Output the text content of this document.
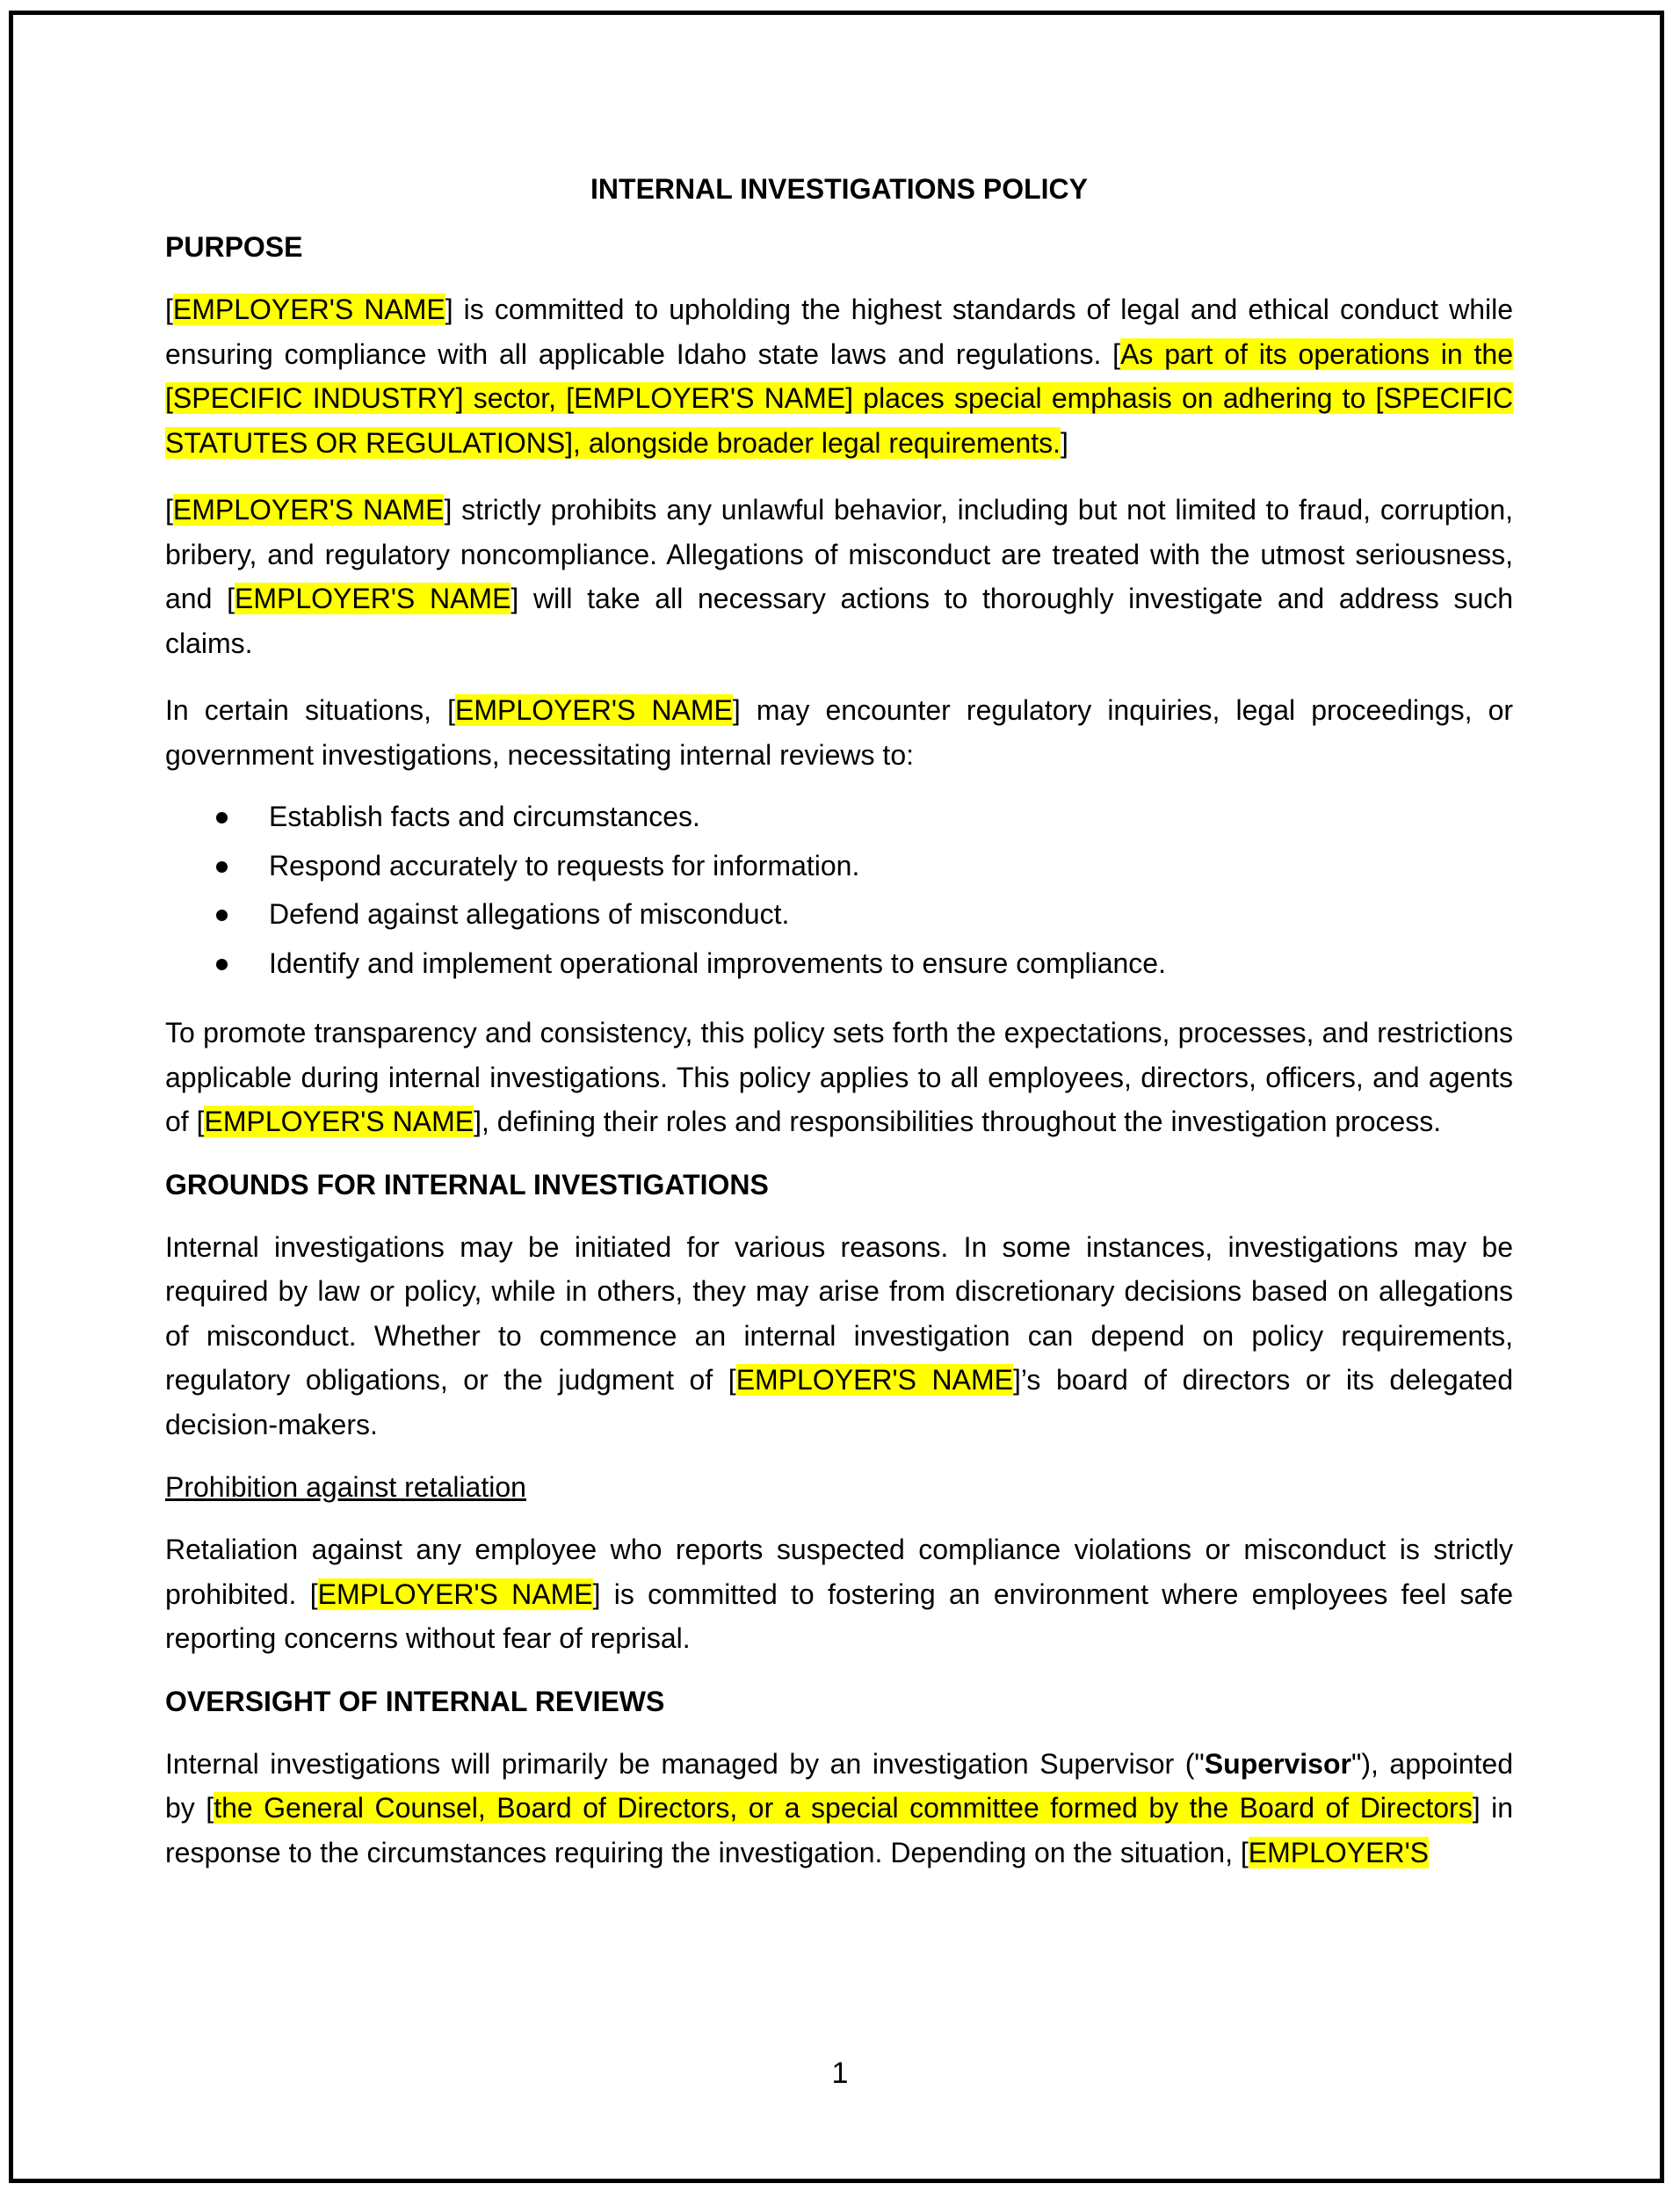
INTERNAL INVESTIGATIONS POLICY
PURPOSE

[EMPLOYER'S NAME] is committed to upholding the highest standards of legal and ethical conduct while ensuring compliance with all applicable Idaho state laws and regulations. [As part of its operations in the [SPECIFIC INDUSTRY] sector, [EMPLOYER'S NAME] places special emphasis on adhering to [SPECIFIC STATUTES OR REGULATIONS], alongside broader legal requirements.]

[EMPLOYER'S NAME] strictly prohibits any unlawful behavior, including but not limited to fraud, corruption, bribery, and regulatory noncompliance. Allegations of misconduct are treated with the utmost seriousness, and [EMPLOYER'S NAME] will take all necessary actions to thoroughly investigate and address such claims.

In certain situations, [EMPLOYER'S NAME] may encounter regulatory inquiries, legal proceedings, or government investigations, necessitating internal reviews to:

Establish facts and circumstances.
Respond accurately to requests for information.
Defend against allegations of misconduct.
Identify and implement operational improvements to ensure compliance.

To promote transparency and consistency, this policy sets forth the expectations, processes, and restrictions applicable during internal investigations. This policy applies to all employees, directors, officers, and agents of [EMPLOYER'S NAME], defining their roles and responsibilities throughout the investigation process.

GROUNDS FOR INTERNAL INVESTIGATIONS

Internal investigations may be initiated for various reasons. In some instances, investigations may be required by law or policy, while in others, they may arise from discretionary decisions based on allegations of misconduct. Whether to commence an internal investigation can depend on policy requirements, regulatory obligations, or the judgment of [EMPLOYER'S NAME]’s board of directors or its delegated decision-makers.

Prohibition against retaliation

Retaliation against any employee who reports suspected compliance violations or misconduct is strictly prohibited. [EMPLOYER'S NAME] is committed to fostering an environment where employees feel safe reporting concerns without fear of reprisal.

OVERSIGHT OF INTERNAL REVIEWS

Internal investigations will primarily be managed by an investigation Supervisor ("Supervisor"), appointed by [the General Counsel, Board of Directors, or a special committee formed by the Board of Directors] in response to the circumstances requiring the investigation. Depending on the situation, [EMPLOYER'S

1
